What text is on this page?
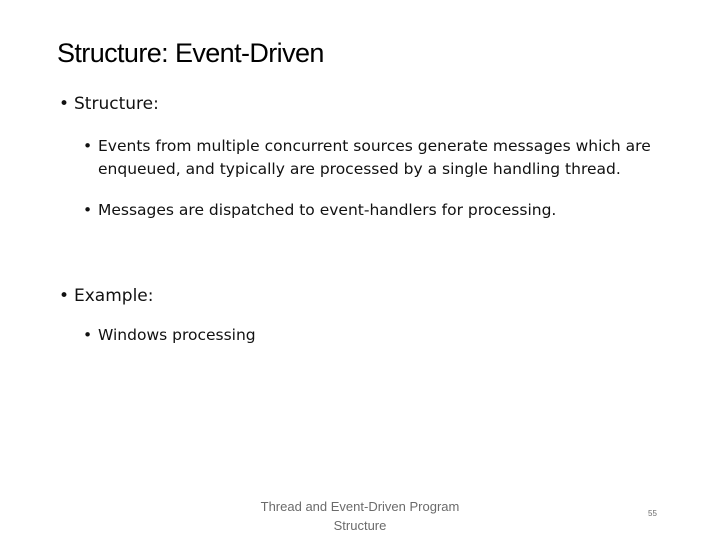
Structure: Event-Driven
• Structure:
• Events from multiple concurrent sources generate messages which are enqueued, and typically are processed by a single handling thread.
• Messages are dispatched to event-handlers for processing.
• Example:
• Windows processing
Thread and Event-Driven Program
Structure
55
